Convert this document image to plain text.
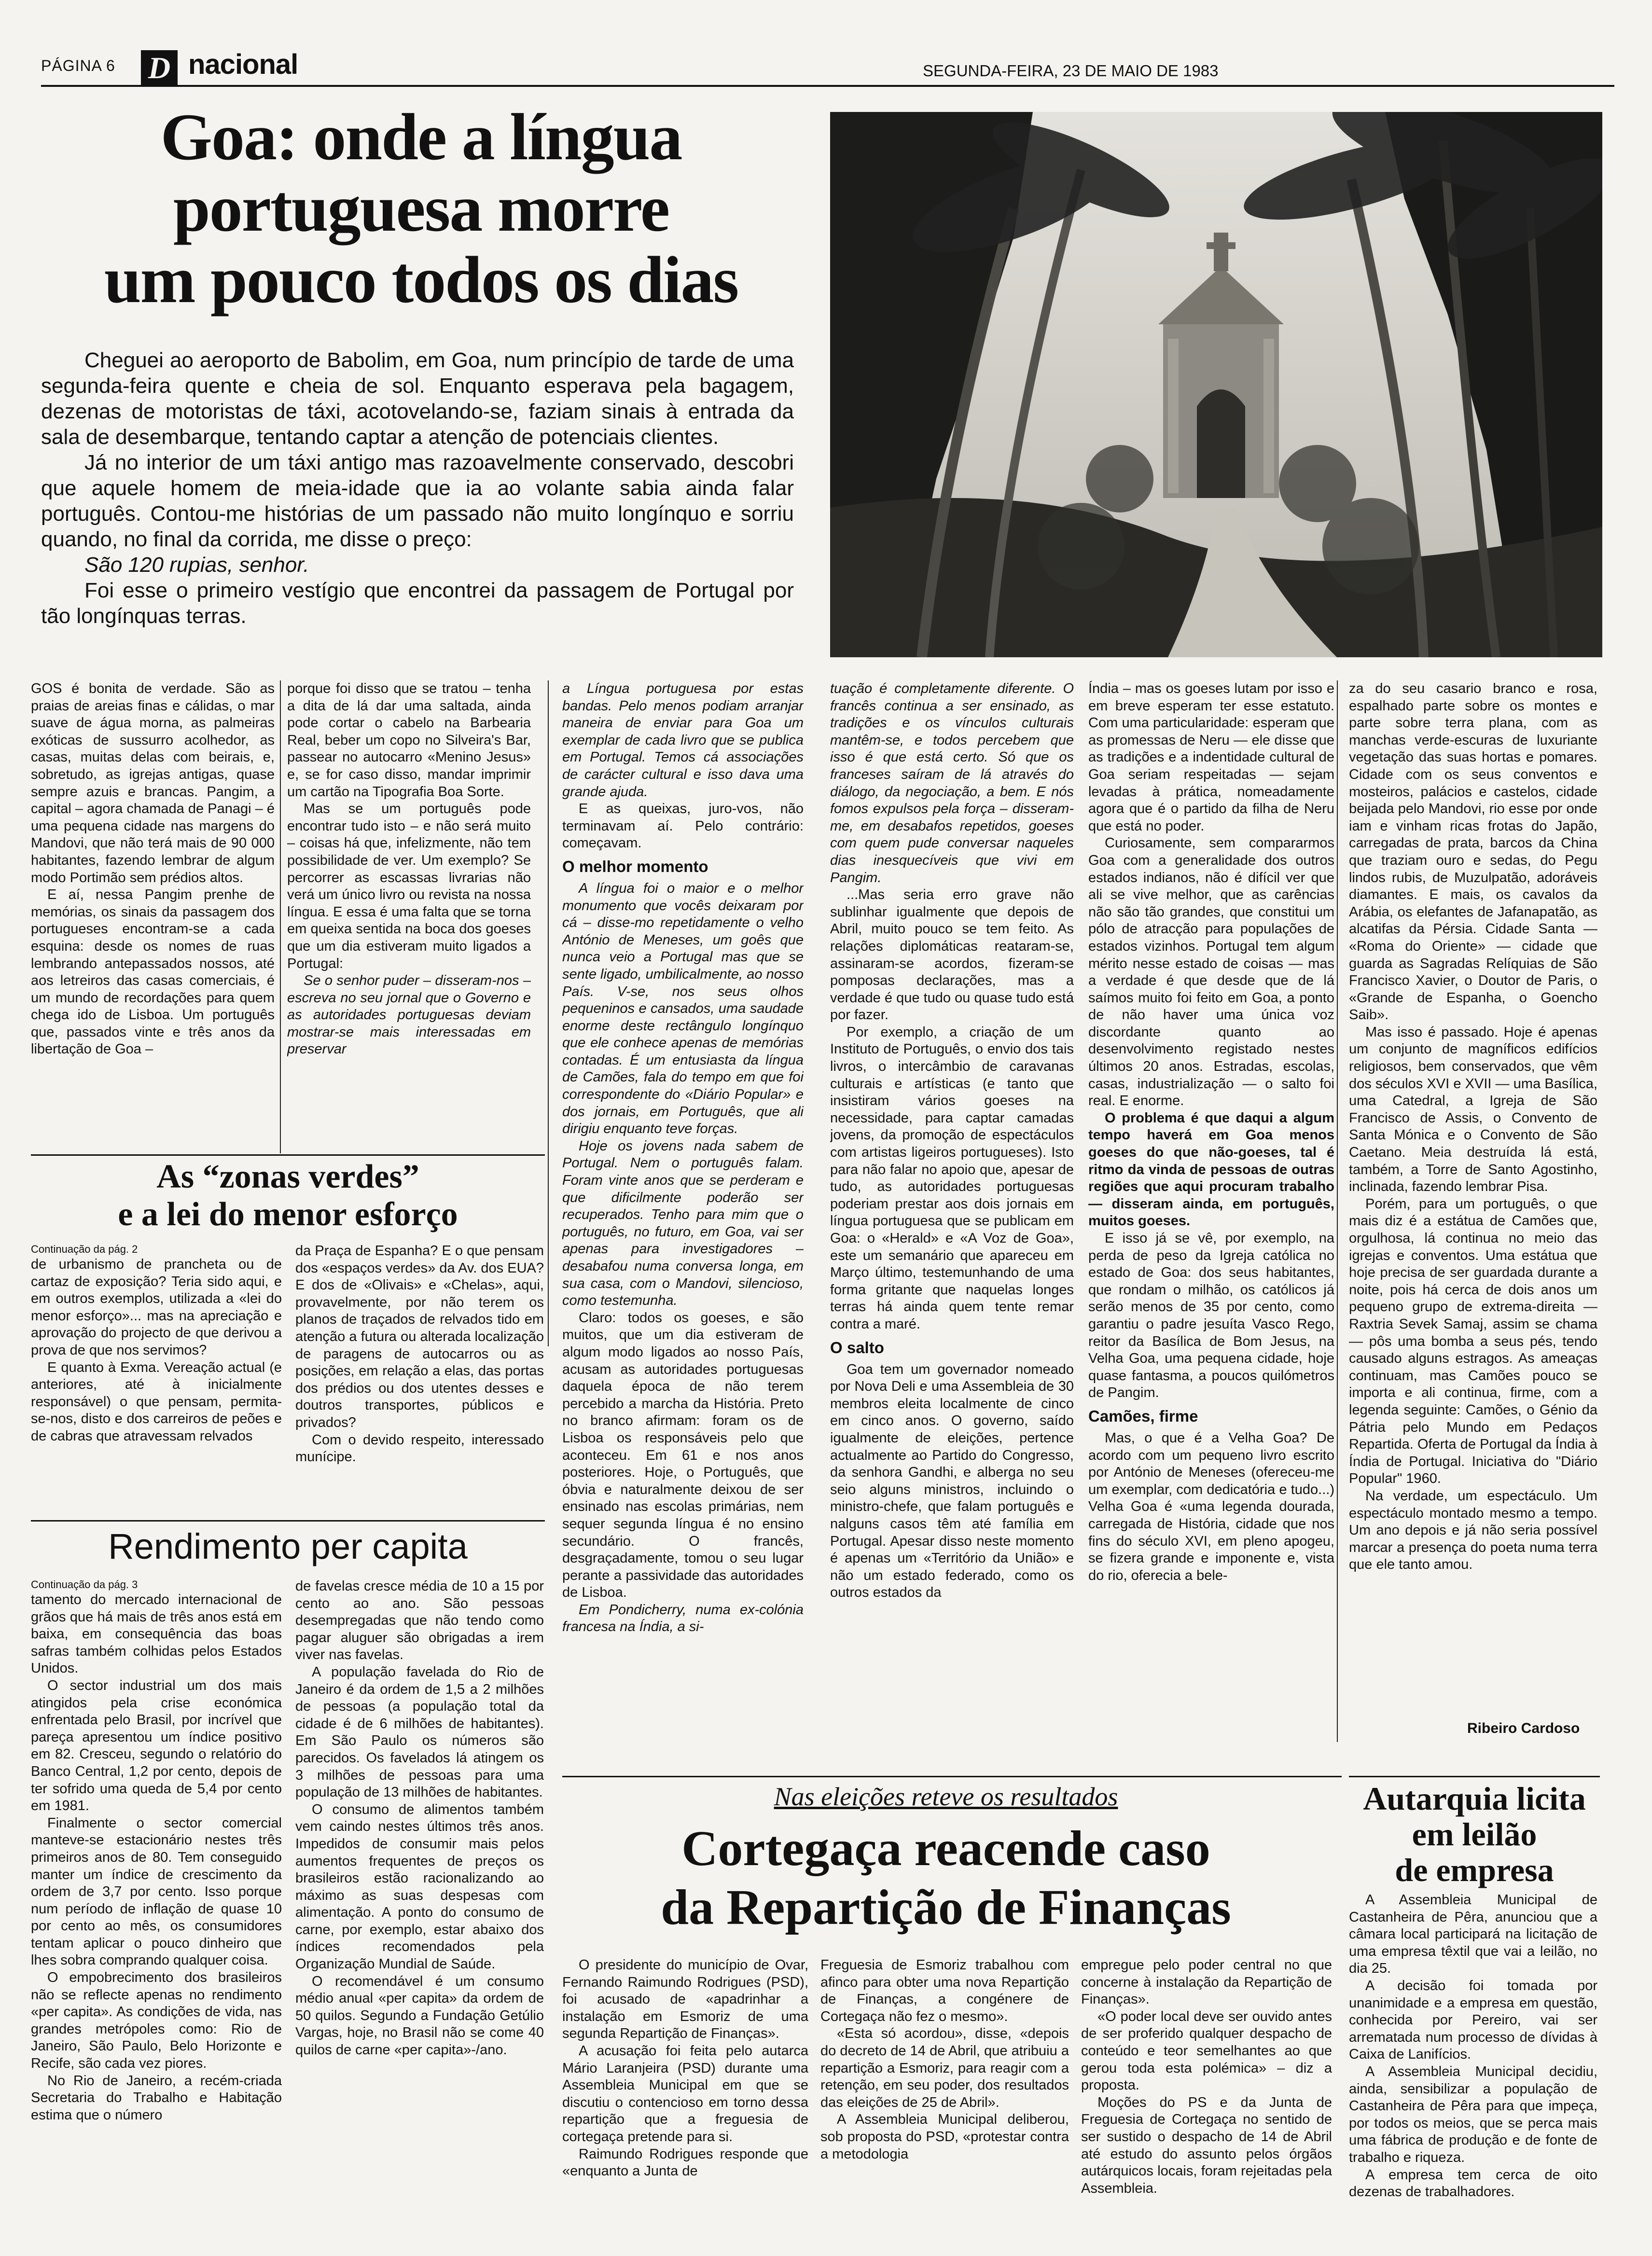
PÁGINA 6 D nacional	SEGUNDA-FEIRA, 23 DE MAIO DE 1983
Goa: onde a língua
portuguesa morre
um pouco todos os dias
Cheguei ao aeroporto de Babolim, em Goa, num princípio de tarde de uma segunda-feira quente e cheia de sol. Enquanto esperava pela bagagem, dezenas de motoristas de táxi, acotovelando-se, faziam sinais à entrada da sala de desembarque, tentando captar a atenção de potenciais clientes.
Já no interior de um táxi antigo mas razoavelmente conservado, descobri que aquele homem de meia-idade que ia ao volante sabia ainda falar português. Contou-me histórias de um passado não muito longínquo e sorriu quando, no final da corrida, me disse o preço:
São 120 rupias, senhor.
Foi esse o primeiro vestígio que encontrei da passagem de Portugal por tão longínquas terras.

GOS é bonita de verdade. São as praias de areias finas e cálidas, o mar suave de água morna, as palmeiras exóticas de sussurro acolhedor, as casas, muitas delas com beirais, e, sobretudo, as igrejas antigas, quase sempre azuis e brancas. Pangim, a capital – agora chamada de Panagi – é uma pequena cidade nas margens do Mandovi, que não terá mais de 90 000 habitantes, fazendo lembrar de algum modo Portimão sem prédios altos.

E aí, nessa Pangim prenhe de memórias, os sinais da passagem dos portugueses encontram-se a cada esquina: desde os nomes de ruas lembrando antepassados nossos, até aos letreiros das casas comerciais, é um mundo de recordações para quem chega ido de Lisboa. Um português que, passados vinte e três anos da libertação de Goa –

porque foi disso que se tratou – tenha a dita de lá dar uma saltada, ainda pode cortar o cabelo na Barbearia Real, beber um copo no Silveira's Bar, passear no autocarro «Menino Jesus» e, se for caso disso, mandar imprimir um cartão na Tipografia Boa Sorte.

Mas se um português pode encontrar tudo isto – e não será muito – coisas há que, infelizmente, não tem possibilidade de ver. Um exemplo? Se percorrer as escassas livrarias não verá um único livro ou revista na nossa língua. E essa é uma falta que se torna em queixa sentida na boca dos goeses que um dia estiveram muito ligados a Portugal:

Se o senhor puder – disseram-nos – escreva no seu jornal que o Governo e as autoridades portuguesas deviam mostrar-se mais interessadas em preservar

a Língua portuguesa por estas bandas. Pelo menos podiam arranjar maneira de enviar para Goa um exemplar de cada livro que se publica em Portugal. Temos cá associações de carácter cultural e isso dava uma grande ajuda.

E as queixas, juro-vos, não terminavam aí. Pelo contrário: começavam.

O melhor momento

A língua foi o maior e o melhor monumento que vocês deixaram por cá – disse-mo repetidamente o velho António de Meneses, um goês que nunca veio a Portugal mas que se sente ligado, umbilicalmente, ao nosso País. V-se, nos seus olhos pequeninos e cansados, uma saudade enorme deste rectângulo longínquo que ele conhece apenas de memórias contadas. É um entusiasta da língua de Camões, fala do tempo em que foi correspondente do «Diário Popular» e dos jornais, em Português, que ali dirigiu enquanto teve forças.

Hoje os jovens nada sabem de Portugal. Nem o português falam. Foram vinte anos que se perderam e que dificilmente poderão ser recuperados. Tenho para mim que o português, no futuro, em Goa, vai ser apenas para investigadores – desabafou numa conversa longa, em sua casa, com o Mandovi, silencioso, como testemunha.

Claro: todos os goeses, e são muitos, que um dia estiveram de algum modo ligados ao nosso País, acusam as autoridades portuguesas daquela época de não terem percebido a marcha da História. Preto no branco afirmam: foram os de Lisboa os responsáveis pelo que aconteceu. Em 61 e nos anos posteriores. Hoje, o Português, que óbvia e naturalmente deixou de ser ensinado nas escolas primárias, nem sequer segunda língua é no ensino secundário. O francês, desgraçadamente, tomou o seu lugar perante a passividade das autoridades de Lisboa.

Em Pondicherry, numa ex-colónia francesa na Índia, a si-

tuação é completamente diferente. O francês continua a ser ensinado, as tradições e os vínculos culturais mantêm-se, e todos percebem que isso é que está certo. Só que os franceses saíram de lá através do diálogo, da negociação, a bem. E nós fomos expulsos pela força – disseram-me, em desabafos repetidos, goeses com quem pude conversar naqueles dias inesquecíveis que vivi em Pangim.

...Mas seria erro grave não sublinhar igualmente que depois de Abril, muito pouco se tem feito. As relações diplomáticas reataram-se, assinaram-se acordos, fizeram-se pomposas declarações, mas a verdade é que tudo ou quase tudo está por fazer.

Por exemplo, a criação de um Instituto de Português, o envio dos tais livros, o intercâmbio de caravanas culturais e artísticas (e tanto que insistiram vários goeses na necessidade, para captar camadas jovens, da promoção de espectáculos com artistas ligeiros portugueses). Isto para não falar no apoio que, apesar de tudo, as autoridades portuguesas poderiam prestar aos dois jornais em língua portuguesa que se publicam em Goa: o «Herald» e «A Voz de Goa», este um semanário que apareceu em Março último, testemunhando de uma forma gritante que naquelas longes terras há ainda quem tente remar contra a maré.

O salto

Goa tem um governador nomeado por Nova Deli e uma Assembleia de 30 membros eleita localmente de cinco em cinco anos. O governo, saído igualmente de eleições, pertence actualmente ao Partido do Congresso, da senhora Gandhi, e alberga no seu seio alguns ministros, incluindo o ministro-chefe, que falam português e nalguns casos têm até família em Portugal. Apesar disso neste momento é apenas um «Território da União» e não um estado federado, como os outros estados da

Índia – mas os goeses lutam por isso e em breve esperam ter esse estatuto. Com uma particularidade: esperam que as promessas de Neru — ele disse que as tradições e a indentidade cultural de Goa seriam respeitadas — sejam levadas à prática, nomeadamente agora que é o partido da filha de Neru que está no poder.

Curiosamente, sem compararmos Goa com a generalidade dos outros estados indianos, não é difícil ver que ali se vive melhor, que as carências não são tão grandes, que constitui um pólo de atracção para populações de estados vizinhos. Portugal tem algum mérito nesse estado de coisas — mas a verdade é que desde que de lá saímos muito foi feito em Goa, a ponto de não haver uma única voz discordante quanto ao desenvolvimento registado nestes últimos 20 anos. Estradas, escolas, casas, industrialização — o salto foi real. E enorme.

O problema é que daqui a algum tempo haverá em Goa menos goeses do que não-goeses, tal é ritmo da vinda de pessoas de outras regiões que aqui procuram trabalho — disseram ainda, em português, muitos goeses.

E isso já se vê, por exemplo, na perda de peso da Igreja católica no estado de Goa: dos seus habitantes, que rondam o milhão, os católicos já serão menos de 35 por cento, como garantiu o padre jesuíta Vasco Rego, reitor da Basílica de Bom Jesus, na Velha Goa, uma pequena cidade, hoje quase fantasma, a poucos quilómetros de Pangim.

Camões, firme

Mas, o que é a Velha Goa? De acordo com um pequeno livro escrito por António de Meneses (ofereceu-me um exemplar, com dedicatória e tudo...) Velha Goa é «uma legenda dourada, carregada de História, cidade que nos fins do século XVI, em pleno apogeu, se fizera grande e imponente e, vista do rio, oferecia a bele-

za do seu casario branco e rosa, espalhado parte sobre os montes e parte sobre terra plana, com as manchas verde-escuras de luxuriante vegetação das suas hortas e pomares. Cidade com os seus conventos e mosteiros, palácios e castelos, cidade beijada pelo Mandovi, rio esse por onde iam e vinham ricas frotas do Japão, carregadas de prata, barcos da China que traziam ouro e sedas, do Pegu lindos rubis, de Muzulpatão, adoráveis diamantes. E mais, os cavalos da Arábia, os elefantes de Jafanapatão, as alcatifas da Pérsia. Cidade Santa — «Roma do Oriente» — cidade que guarda as Sagradas Relíquias de São Francisco Xavier, o Doutor de Paris, o «Grande de Espanha, o Goencho Saib».

Mas isso é passado. Hoje é apenas um conjunto de magníficos edifícios religiosos, bem conservados, que vêm dos séculos XVI e XVII — uma Basílica, uma Catedral, a Igreja de São Francisco de Assis, o Convento de Santa Mónica e o Convento de São Caetano. Meia destruída lá está, também, a Torre de Santo Agostinho, inclinada, fazendo lembrar Pisa.

Porém, para um português, o que mais diz é a estátua de Camões que, orgulhosa, lá continua no meio das igrejas e conventos. Uma estátua que hoje precisa de ser guardada durante a noite, pois há cerca de dois anos um pequeno grupo de extrema-direita — Raxtria Sevek Samaj, assim se chama — pôs uma bomba a seus pés, tendo causado alguns estragos. As ameaças continuam, mas Camões pouco se importa e ali continua, firme, com a legenda seguinte: Camões, o Génio da Pátria pelo Mundo em Pedaços Repartida. Oferta de Portugal da Índia à Índia de Portugal. Iniciativa do "Diário Popular" 1960.

Na verdade, um espectáculo. Um espectáculo montado mesmo a tempo. Um ano depois e já não seria possível marcar a presença do poeta numa terra que ele tanto amou.

Ribeiro Cardoso
As “zonas verdes”
e a lei do menor esforço
Continuação da pág. 2

de urbanismo de prancheta ou de cartaz de exposição? Teria sido aqui, e em outros exemplos, utilizada a «lei do menor esforço»... mas na apreciação e aprovação do projecto de que derivou a prova de que nos servimos?

E quanto à Exma. Vereação actual (e anteriores, até à inicialmente responsável) o que pensam, permita-se-nos, disto e dos carreiros de peões e de cabras que atravessam relvados

da Praça de Espanha? E o que pensam dos «espaços verdes» da Av. dos EUA? E dos de «Olivais» e «Chelas», aqui, provavelmente, por não terem os planos de traçados de relvados tido em atenção a futura ou alterada localização de paragens de autocarros ou as posições, em relação a elas, das portas dos prédios ou dos utentes desses e doutros transportes, públicos e privados?

Com o devido respeito, interessado munícipe.

Rendimento per capita
Continuação da pág. 3

tamento do mercado internacional de grãos que há mais de três anos está em baixa, em consequência das boas safras também colhidas pelos Estados Unidos.

O sector industrial um dos mais atingidos pela crise económica enfrentada pelo Brasil, por incrível que pareça apresentou um índice positivo em 82. Cresceu, segundo o relatório do Banco Central, 1,2 por cento, depois de ter sofrido uma queda de 5,4 por cento em 1981.

Finalmente o sector comercial manteve-se estacionário nestes três primeiros anos de 80. Tem conseguido manter um índice de crescimento da ordem de 3,7 por cento. Isso porque num período de inflação de quase 10 por cento ao mês, os consumidores tentam aplicar o pouco dinheiro que lhes sobra comprando qualquer coisa.

O empobrecimento dos brasileiros não se reflecte apenas no rendimento «per capita». As condições de vida, nas grandes metrópoles como: Rio de Janeiro, São Paulo, Belo Horizonte e Recife, são cada vez piores.

No Rio de Janeiro, a recém-criada Secretaria do Trabalho e Habitação estima que o número

de favelas cresce média de 10 a 15 por cento ao ano. São pessoas desempregadas que não tendo como pagar aluguer são obrigadas a irem viver nas favelas.

A população favelada do Rio de Janeiro é da ordem de 1,5 a 2 milhões de pessoas (a população total da cidade é de 6 milhões de habitantes). Em São Paulo os números são parecidos. Os favelados lá atingem os 3 milhões de pessoas para uma população de 13 milhões de habitantes.

O consumo de alimentos também vem caindo nestes últimos três anos. Impedidos de consumir mais pelos aumentos frequentes de preços os brasileiros estão racionalizando ao máximo as suas despesas com alimentação. A ponto do consumo de carne, por exemplo, estar abaixo dos índices recomendados pela Organização Mundial de Saúde.

O recomendável é um consumo médio anual «per capita» da ordem de 50 quilos. Segundo a Fundação Getúlio Vargas, hoje, no Brasil não se come 40 quilos de carne «per capita»-/ano.

Nas eleições reteve os resultados
Cortegaça reacende caso
da Repartição de Finanças

O presidente do município de Ovar, Fernando Raimundo Rodrigues (PSD), foi acusado de «apadrinhar a instalação em Esmoriz de uma segunda Repartição de Finanças».

A acusação foi feita pelo autarca Mário Laranjeira (PSD) durante uma Assembleia Municipal em que se discutiu o contencioso em torno dessa repartição que a freguesia de cortegaça pretende para si.

Raimundo Rodrigues responde que «enquanto a Junta de

Freguesia de Esmoriz trabalhou com afinco para obter uma nova Repartição de Finanças, a congénere de Cortegaça não fez o mesmo».

«Esta só acordou», disse, «depois do decreto de 14 de Abril, que atribuiu a repartição a Esmoriz, para reagir com a retenção, em seu poder, dos resultados das eleições de 25 de Abril».

A Assembleia Municipal deliberou, sob proposta do PSD, «protestar contra a metodologia

empregue pelo poder central no que concerne à instalação da Repartição de Finanças».

«O poder local deve ser ouvido antes de ser proferido qualquer despacho de conteúdo e teor semelhantes ao que gerou toda esta polémica» – diz a proposta.

Moções do PS e da Junta de Freguesia de Cortegaça no sentido de ser sustido o despacho de 14 de Abril até estudo do assunto pelos órgãos autárquicos locais, foram rejeitadas pela Assembleia.

Autarquia licita
em leilão
de empresa

A Assembleia Municipal de Castanheira de Pêra, anunciou que a câmara local participará na licitação de uma empresa têxtil que vai a leilão, no dia 25.

A decisão foi tomada por unanimidade e a empresa em questão, conhecida por Pereiro, vai ser arrematada num processo de dívidas à Caixa de Lanifícios.

A Assembleia Municipal decidiu, ainda, sensibilizar a população de Castanheira de Pêra para que impeça, por todos os meios, que se perca mais uma fábrica de produção e de fonte de trabalho e riqueza.

A empresa tem cerca de oito dezenas de trabalhadores.
